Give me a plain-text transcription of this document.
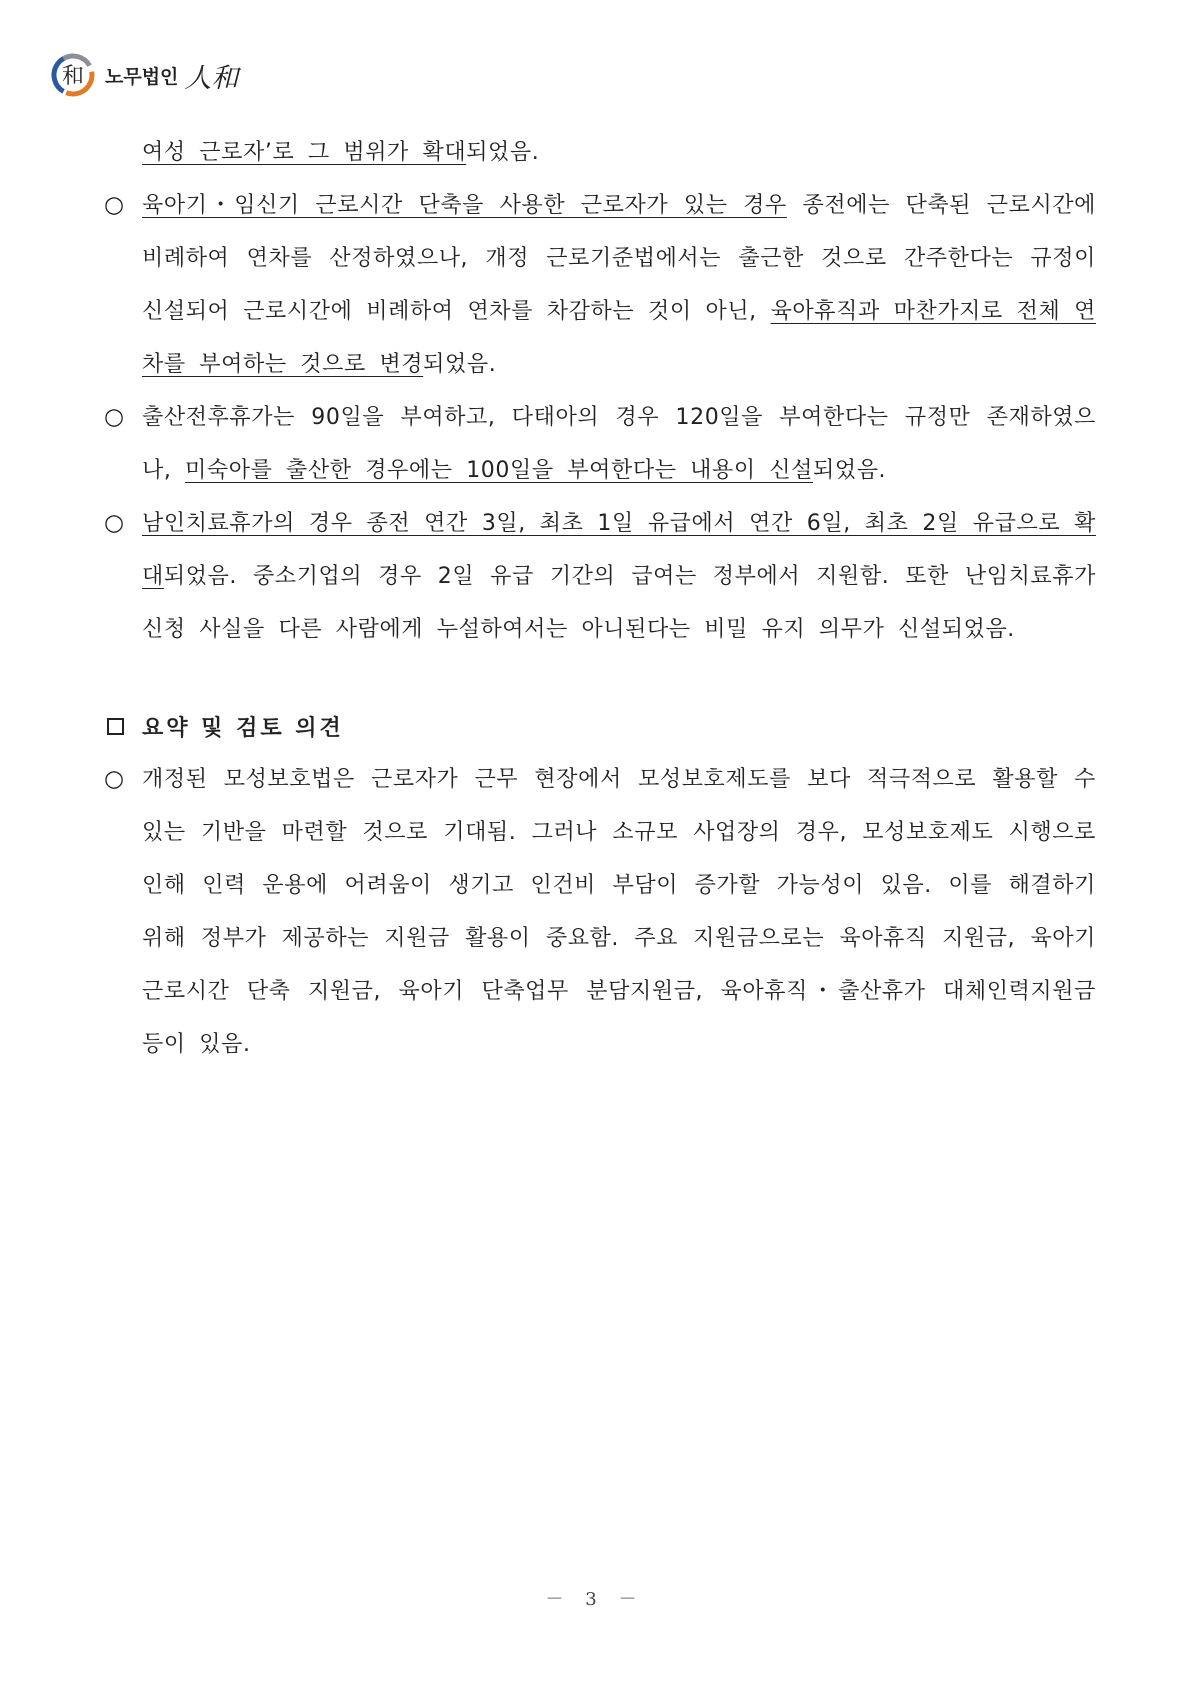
和 노무법인 人和

여성 근로자’로 그 범위가 확대되었음.

○ 육아기・임신기 근로시간 단축을 사용한 근로자가 있는 경우 종전에는 단축된 근로시간에 비례하여 연차를 산정하였으나, 개정 근로기준법에서는 출근한 것으로 간주한다는 규정이 신설되어 근로시간에 비례하여 연차를 차감하는 것이 아닌, 육아휴직과 마찬가지로 전체 연차를 부여하는 것으로 변경되었음.

○ 출산전후휴가는 90일을 부여하고, 다태아의 경우 120일을 부여한다는 규정만 존재하였으나, 미숙아를 출산한 경우에는 100일을 부여한다는 내용이 신설되었음.

○ 남인치료휴가의 경우 종전 연간 3일, 최초 1일 유급에서 연간 6일, 최초 2일 유급으로 확대되었음. 중소기업의 경우 2일 유급 기간의 급여는 정부에서 지원함. 또한 난임치료휴가 신청 사실을 다른 사람에게 누설하여서는 아니된다는 비밀 유지 의무가 신설되었음.

요약 및 검토 의견
○ 개정된 모성보호법은 근로자가 근무 현장에서 모성보호제도를 보다 적극적으로 활용할 수 있는 기반을 마련할 것으로 기대됨. 그러나 소규모 사업장의 경우, 모성보호제도 시행으로 인해 인력 운용에 어려움이 생기고 인건비 부담이 증가할 가능성이 있음. 이를 해결하기 위해 정부가 제공하는 지원금 활용이 중요함. 주요 지원금으로는 육아휴직 지원금, 육아기 근로시간 단축 지원금, 육아기 단축업무 분담지원금, 육아휴직・출산휴가 대체인력지원금 등이 있음.

－ 3 －
